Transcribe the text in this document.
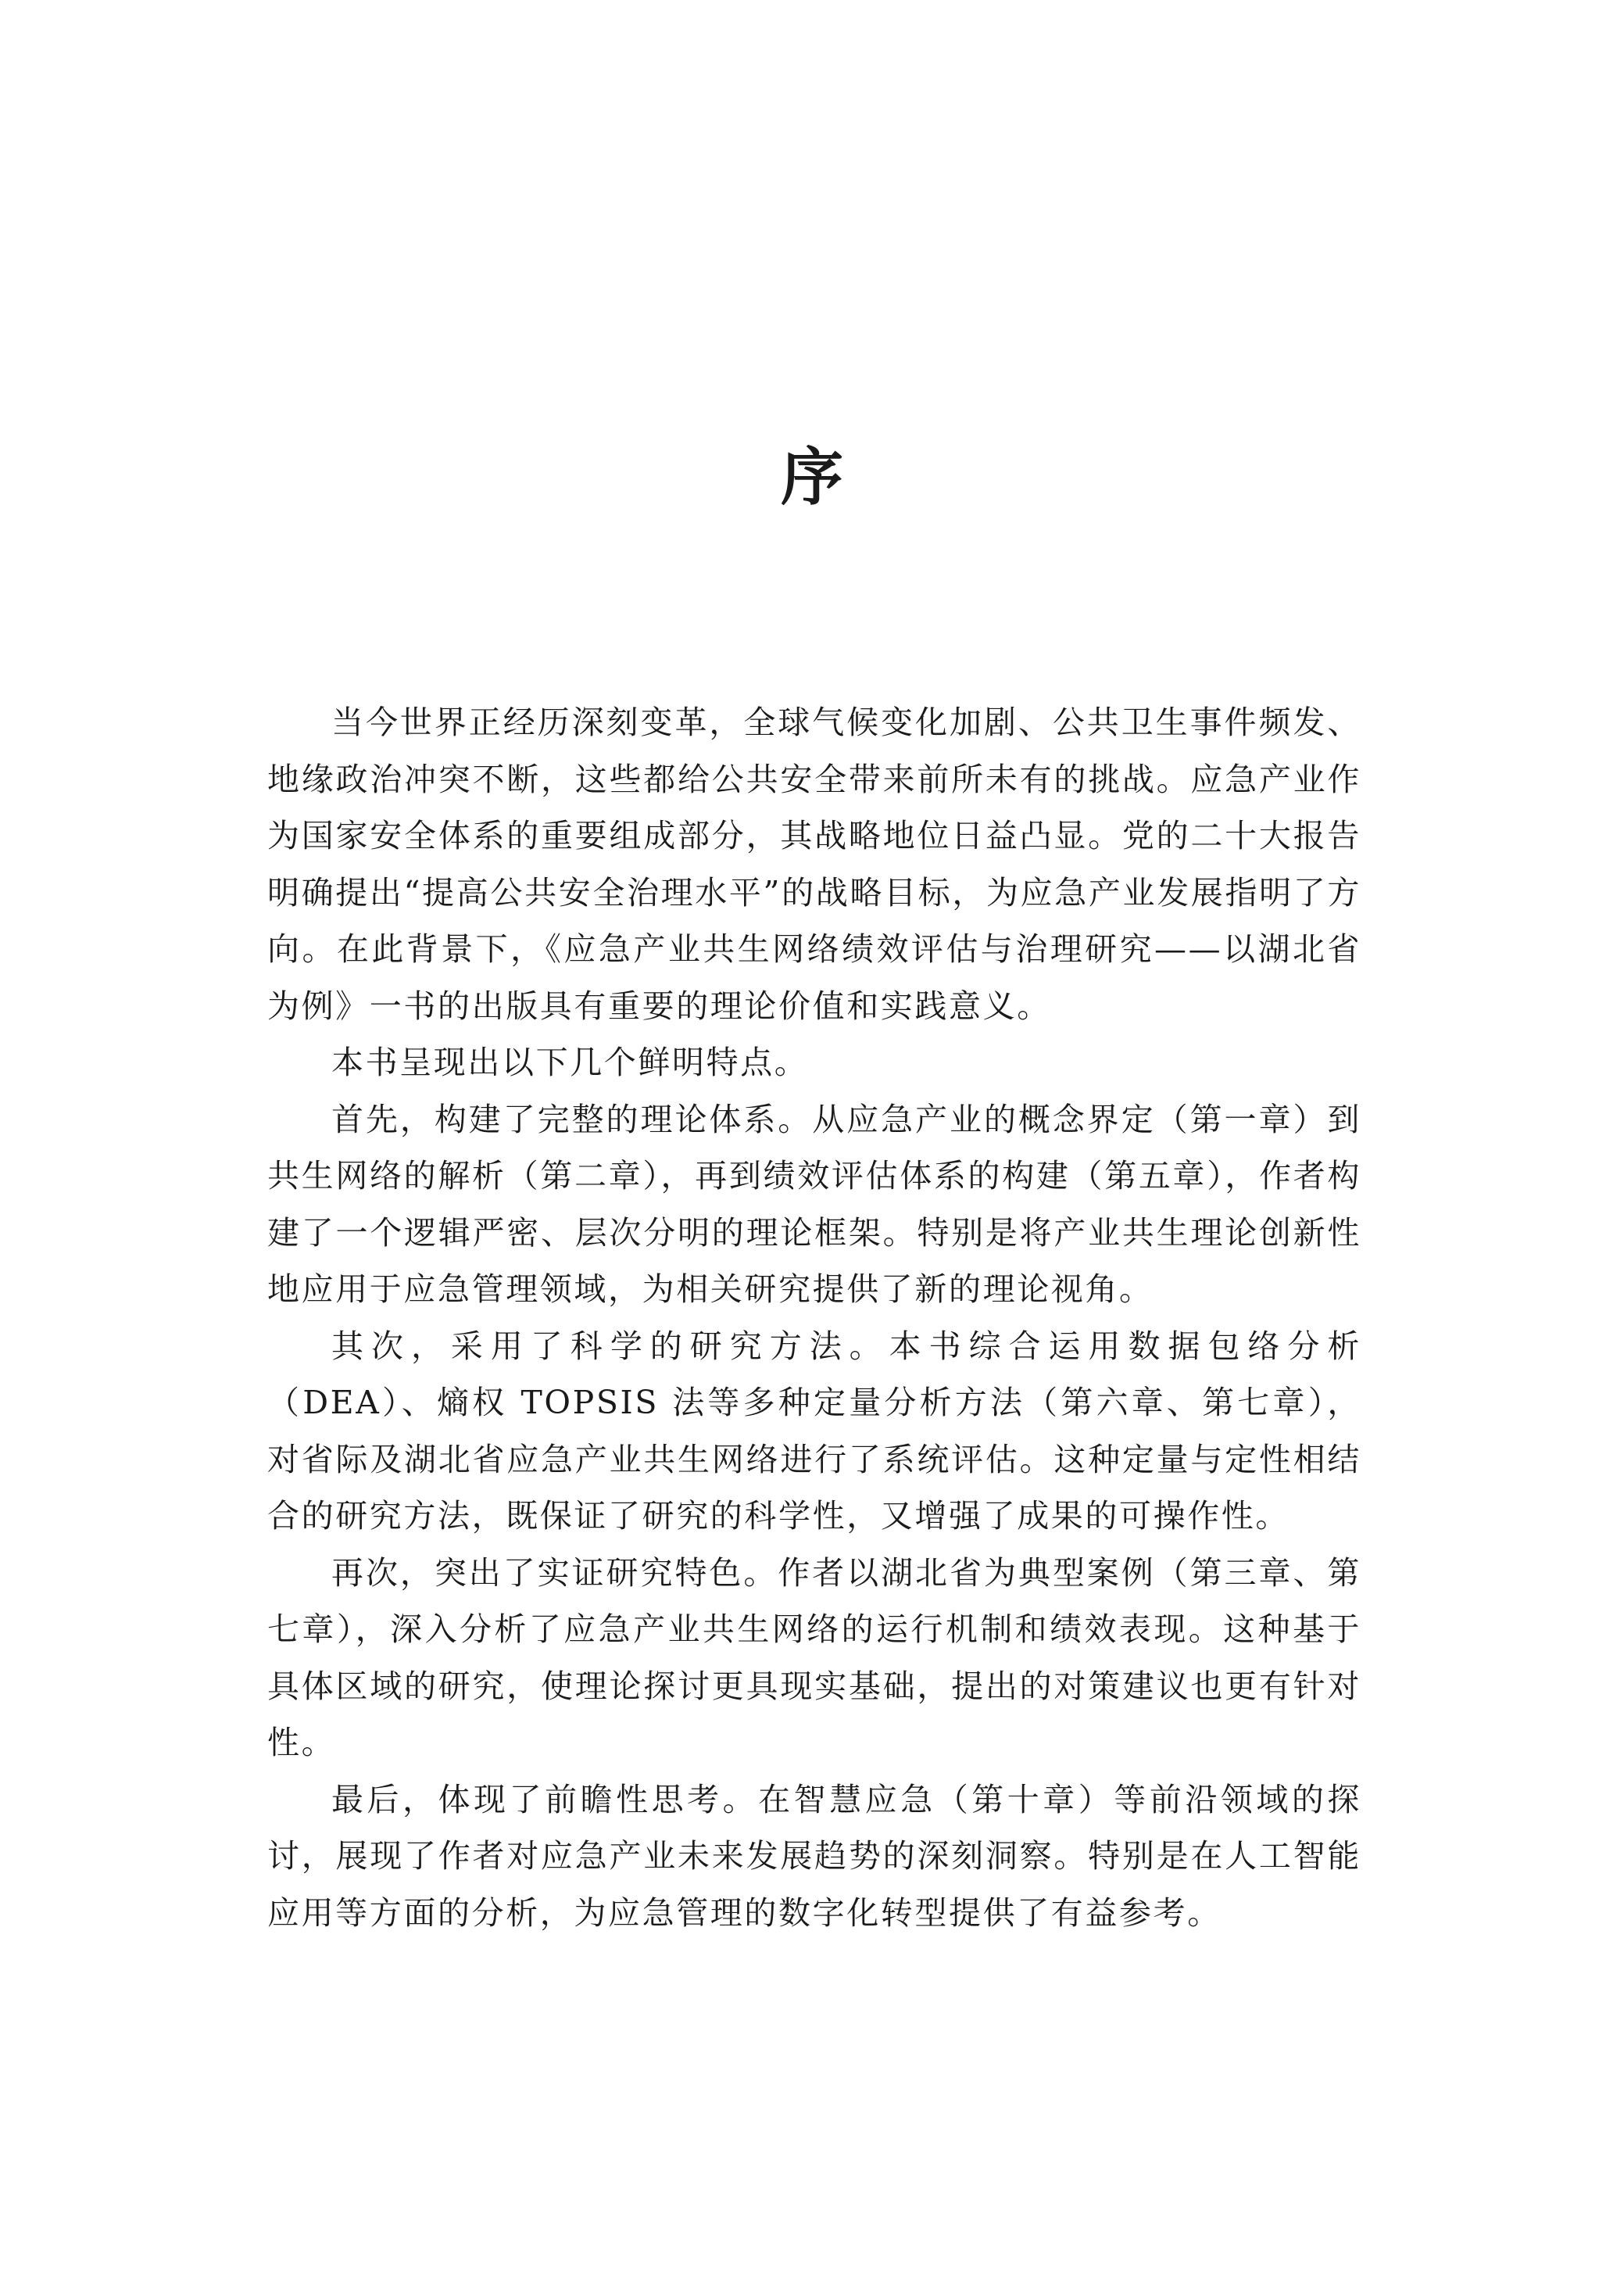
序

当今世界正经历深刻变革，全球气候变化加剧、公共卫生事件频发、地缘政治冲突不断，这些都给公共安全带来前所未有的挑战。应急产业作为国家安全体系的重要组成部分，其战略地位日益凸显。党的二十大报告明确提出“提高公共安全治理水平”的战略目标，为应急产业发展指明了方向。在此背景下，《应急产业共生网络绩效评估与治理研究——以湖北省为例》一书的出版具有重要的理论价值和实践意义。

本书呈现出以下几个鲜明特点。

首先，构建了完整的理论体系。从应急产业的概念界定（第一章）到共生网络的解析（第二章），再到绩效评估体系的构建（第五章），作者构建了一个逻辑严密、层次分明的理论框架。特别是将产业共生理论创新性地应用于应急管理领域，为相关研究提供了新的理论视角。

其次，采用了科学的研究方法。本书综合运用数据包络分析（DEA）、熵权 TOPSIS 法等多种定量分析方法（第六章、第七章），对省际及湖北省应急产业共生网络进行了系统评估。这种定量与定性相结合的研究方法，既保证了研究的科学性，又增强了成果的可操作性。

再次，突出了实证研究特色。作者以湖北省为典型案例（第三章、第七章），深入分析了应急产业共生网络的运行机制和绩效表现。这种基于具体区域的研究，使理论探讨更具现实基础，提出的对策建议也更有针对性。

最后，体现了前瞻性思考。在智慧应急（第十章）等前沿领域的探讨，展现了作者对应急产业未来发展趋势的深刻洞察。特别是在人工智能应用等方面的分析，为应急管理的数字化转型提供了有益参考。
